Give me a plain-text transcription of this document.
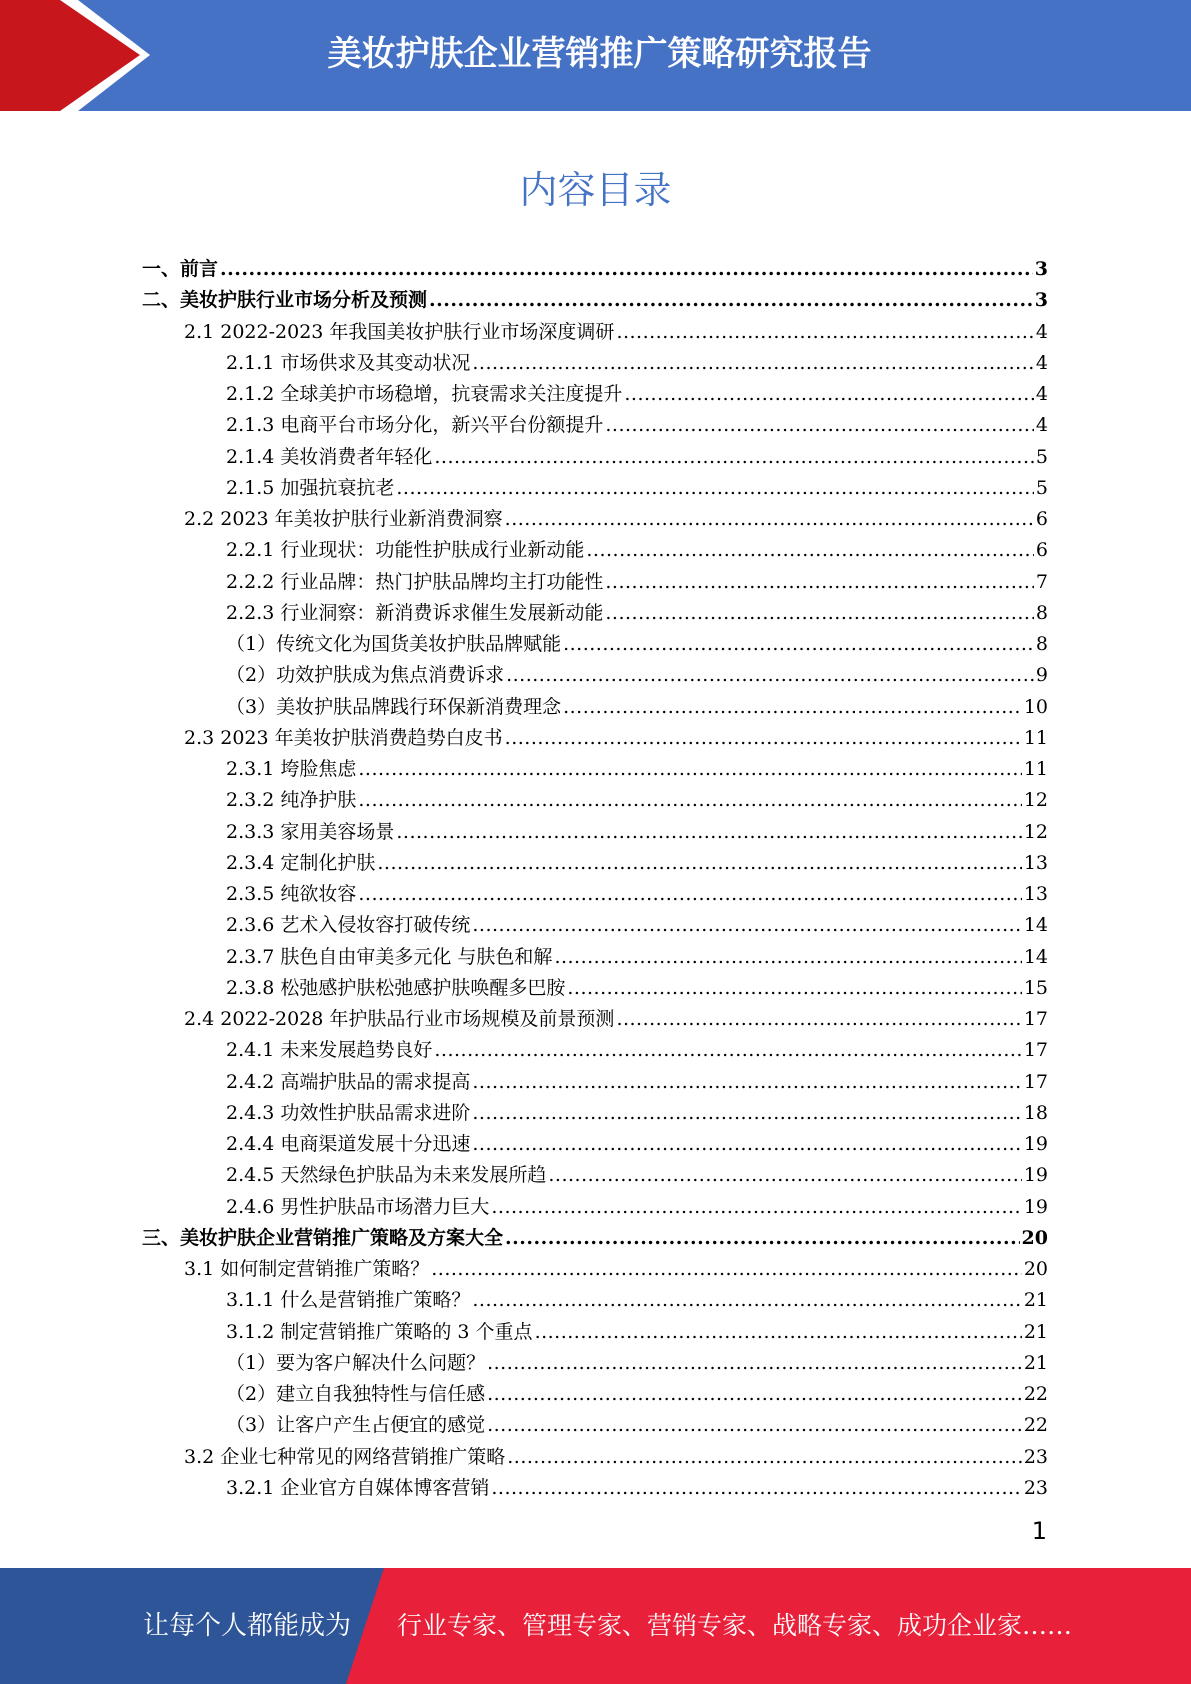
美妆护肤企业营销推广策略研究报告
内容目录
一、前言 .....	3
二、美妆护肤行业市场分析及预测 .....	3
2.1 2022-2023 年我国美妆护肤行业市场深度调研 .....	4
2.1.1 市场供求及其变动状况 .....	4
2.1.2 全球美护市场稳增，抗衰需求关注度提升 .....	4
2.1.3 电商平台市场分化，新兴平台份额提升 .....	4
2.1.4 美妆消费者年轻化 .....	5
2.1.5 加强抗衰抗老 .....	5
2.2 2023 年美妆护肤行业新消费洞察 .....	6
2.2.1 行业现状：功能性护肤成行业新动能 .....	6
2.2.2 行业品牌：热门护肤品牌均主打功能性 .....	7
2.2.3 行业洞察：新消费诉求催生发展新动能 .....	8
（1）传统文化为国货美妆护肤品牌赋能 .....	8
（2）功效护肤成为焦点消费诉求 .....	9
（3）美妆护肤品牌践行环保新消费理念 .....	10
2.3 2023 年美妆护肤消费趋势白皮书 .....	11
2.3.1 垮脸焦虑 .....	11
2.3.2 纯净护肤 .....	12
2.3.3 家用美容场景 .....	12
2.3.4 定制化护肤 .....	13
2.3.5 纯欲妆容 .....	13
2.3.6 艺术入侵妆容打破传统 .....	14
2.3.7 肤色自由审美多元化 与肤色和解 .....	14
2.3.8 松弛感护肤松弛感护肤唤醒多巴胺 .....	15
2.4 2022-2028 年护肤品行业市场规模及前景预测 .....	17
2.4.1 未来发展趋势良好 .....	17
2.4.2 高端护肤品的需求提高 .....	17
2.4.3 功效性护肤品需求进阶 .....	18
2.4.4 电商渠道发展十分迅速 .....	19
2.4.5 天然绿色护肤品为未来发展所趋 .....	19
2.4.6 男性护肤品市场潜力巨大 .....	19
三、美妆护肤企业营销推广策略及方案大全 .....	20
3.1 如何制定营销推广策略？ .....	20
3.1.1 什么是营销推广策略？ .....	21
3.1.2 制定营销推广策略的 3 个重点 .....	21
（1）要为客户解决什么问题？ .....	21
（2）建立自我独特性与信任感 .....	22
（3）让客户产生占便宜的感觉 .....	22
3.2 企业七种常见的网络营销推广策略 .....	23
3.2.1 企业官方自媒体博客营销 .....	23
1
让每个人都能成为 行业专家、管理专家、营销专家、战略专家、成功企业家……
